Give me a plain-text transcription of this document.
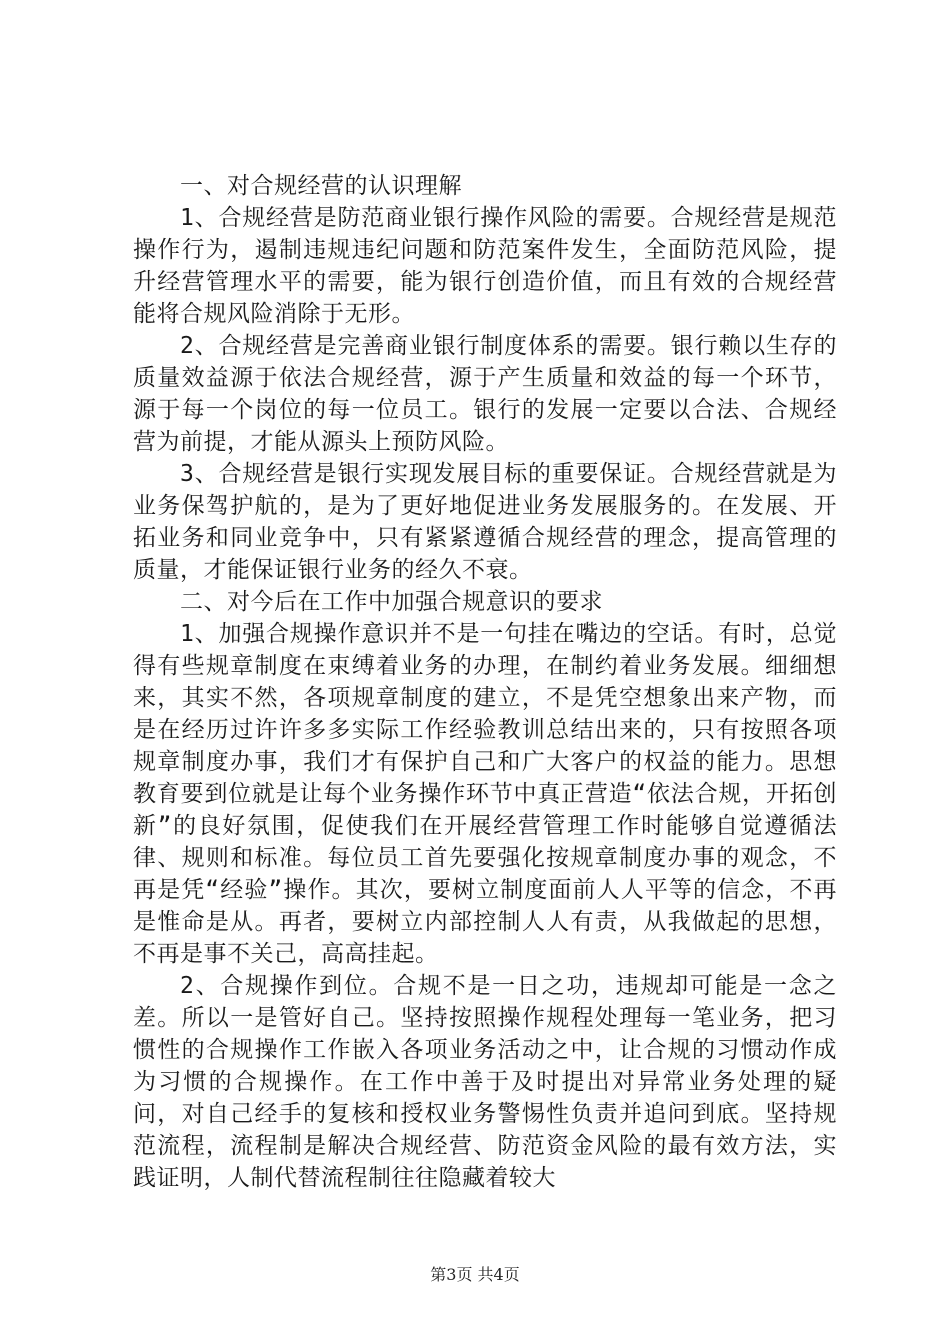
一、对合规经营的认识理解

1、合规经营是防范商业银行操作风险的需要。合规经营是规范操作行为，遏制违规违纪问题和防范案件发生，全面防范风险，提升经营管理水平的需要，能为银行创造价值，而且有效的合规经营能将合规风险消除于无形。

2、合规经营是完善商业银行制度体系的需要。银行赖以生存的质量效益源于依法合规经营，源于产生质量和效益的每一个环节，源于每一个岗位的每一位员工。银行的发展一定要以合法、合规经营为前提，才能从源头上预防风险。

3、合规经营是银行实现发展目标的重要保证。合规经营就是为业务保驾护航的，是为了更好地促进业务发展服务的。在发展、开拓业务和同业竞争中，只有紧紧遵循合规经营的理念，提高管理的质量，才能保证银行业务的经久不衰。

二、对今后在工作中加强合规意识的要求

1、加强合规操作意识并不是一句挂在嘴边的空话。有时，总觉得有些规章制度在束缚着业务的办理，在制约着业务发展。细细想来，其实不然，各项规章制度的建立，不是凭空想象出来产物，而是在经历过许许多多实际工作经验教训总结出来的，只有按照各项规章制度办事，我们才有保护自己和广大客户的权益的能力。思想教育要到位就是让每个业务操作环节中真正营造“依法合规，开拓创新”的良好氛围，促使我们在开展经营管理工作时能够自觉遵循法律、规则和标准。每位员工首先要强化按规章制度办事的观念，不再是凭“经验”操作。其次，要树立制度面前人人平等的信念，不再是惟命是从。再者，要树立内部控制人人有责，从我做起的思想，不再是事不关己，高高挂起。

2、合规操作到位。合规不是一日之功，违规却可能是一念之差。所以一是管好自己。坚持按照操作规程处理每一笔业务，把习惯性的合规操作工作嵌入各项业务活动之中，让合规的习惯动作成为习惯的合规操作。在工作中善于及时提出对异常业务处理的疑问，对自己经手的复核和授权业务警惕性负责并追问到底。坚持规范流程，流程制是解决合规经营、防范资金风险的最有效方法，实践证明，人制代替流程制往往隐藏着较大

第3页 共4页
